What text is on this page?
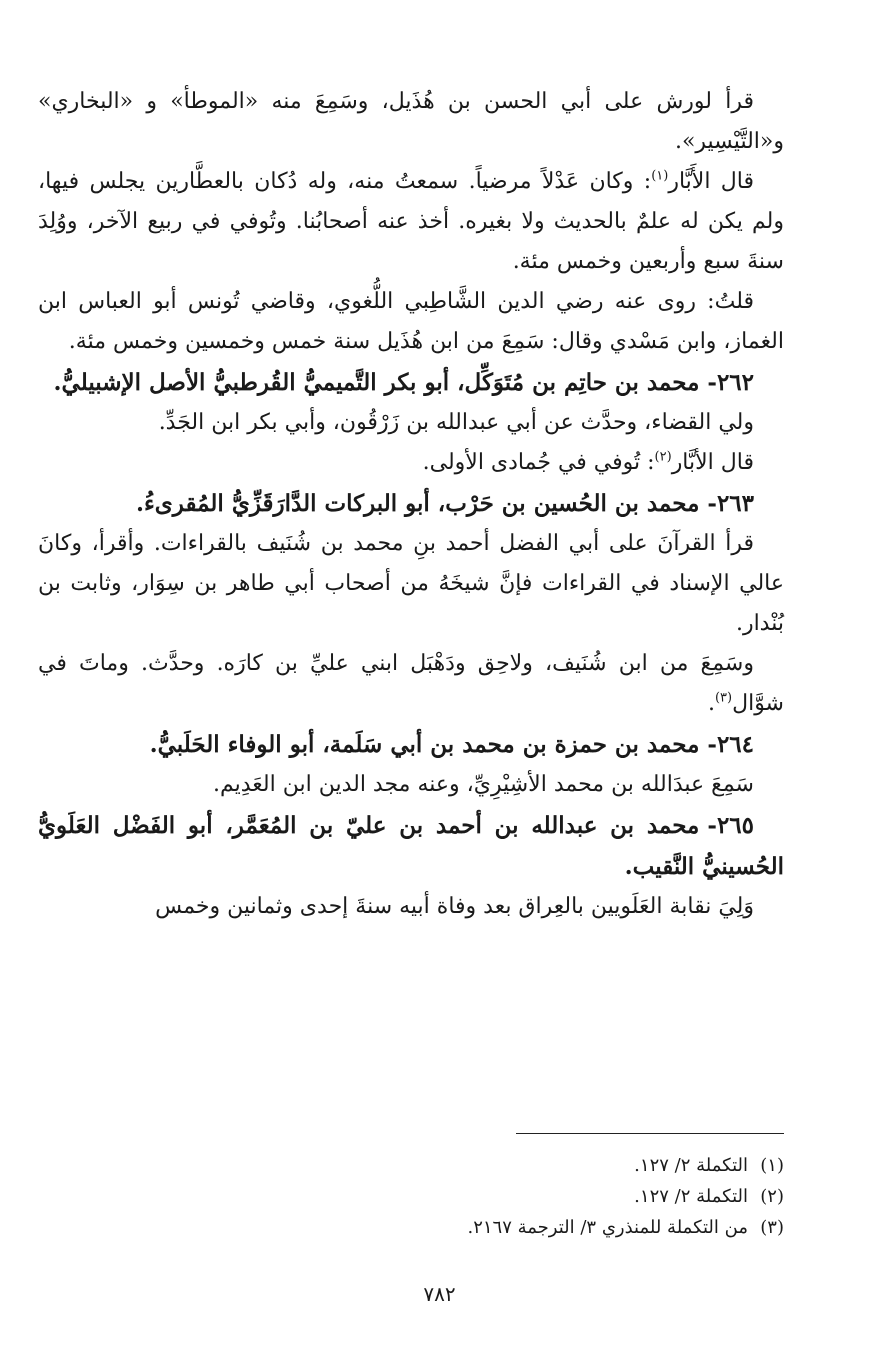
قرأ لورش على أبي الحسن بن هُذَيل، وسَمِعَ منه «الموطأ» و «البخاري» و«التَّيْسِير».

قال الأَبَّار$^{(١)}$: وكان عَدْلاً مرضياً. سمعتُ منه، وله دُكان بالعطَّارين يجلس فيها، ولم يكن له علمٌ بالحديث ولا بغيره. أخذ عنه أصحابُنا. وتُوفي في ربيع الآخر، ووُلِدَ سنةَ سبع وأربعين وخمس مئة.

قلتُ: روى عنه رضي الدين الشَّاطِبي اللُّغوي، وقاضي تُونس أبو العباس ابن الغماز، وابن مَسْدي وقال: سَمِعَ من ابن هُذَيل سنة خمس وخمسين وخمس مئة.

٢٦٢-محمد بن حاتِم بن مُتَوَكِّل، أبو بكر التَّميميُّ القُرطبيُّ الأصل الإشبيليُّ.

ولي القضاء، وحدَّث عن أبي عبدالله بن زَرْقُون، وأبي بكر ابن الجَدِّ.

قال الأبَّار$^{(٢)}$: تُوفي في جُمادى الأولى.

٢٦٣-محمد بن الحُسين بن حَرْب، أبو البركات الدَّارَقَزِّيُّ المُقرىءُ.

قرأ القرآنَ على أبي الفضل أحمد بنِ محمد بن شُنَيف بالقراءات. وأقرأ، وكانَ عالي الإسناد في القراءات فإنَّ شيخَهُ من أصحاب أبي طاهر بن سِوَار، وثابت بن بُنْدار.

وسَمِعَ من ابن شُنَيف، ولاحِق ودَهْبَل ابني عليِّ بن كارَه. وحدَّث. وماتَ في شوَّال$^{(٣)}$.

٢٦٤-محمد بن حمزة بن محمد بن أبي سَلَمة، أبو الوفاء الحَلَبيُّ.

سَمِعَ عبدَالله بن محمد الأشِيْرِيِّ، وعنه مجد الدين ابن العَدِيم.

٢٦٥-محمد بن عبدالله بن أحمد بن عليّ بن المُعَمَّر، أبو الفَضْل العَلَويُّ الحُسينيُّ النَّقيب.

وَلِيَ نقابة العَلَويين بالعِراق بعد وفاة أبيه سنةَ إحدى وثمانين وخمس

(١)التكملة ٢/ ١٢٧.

(٢)التكملة ٢/ ١٢٧.

(٣)من التكملة للمنذري ٣/ الترجمة ٢١٦٧.

٧٨٢
